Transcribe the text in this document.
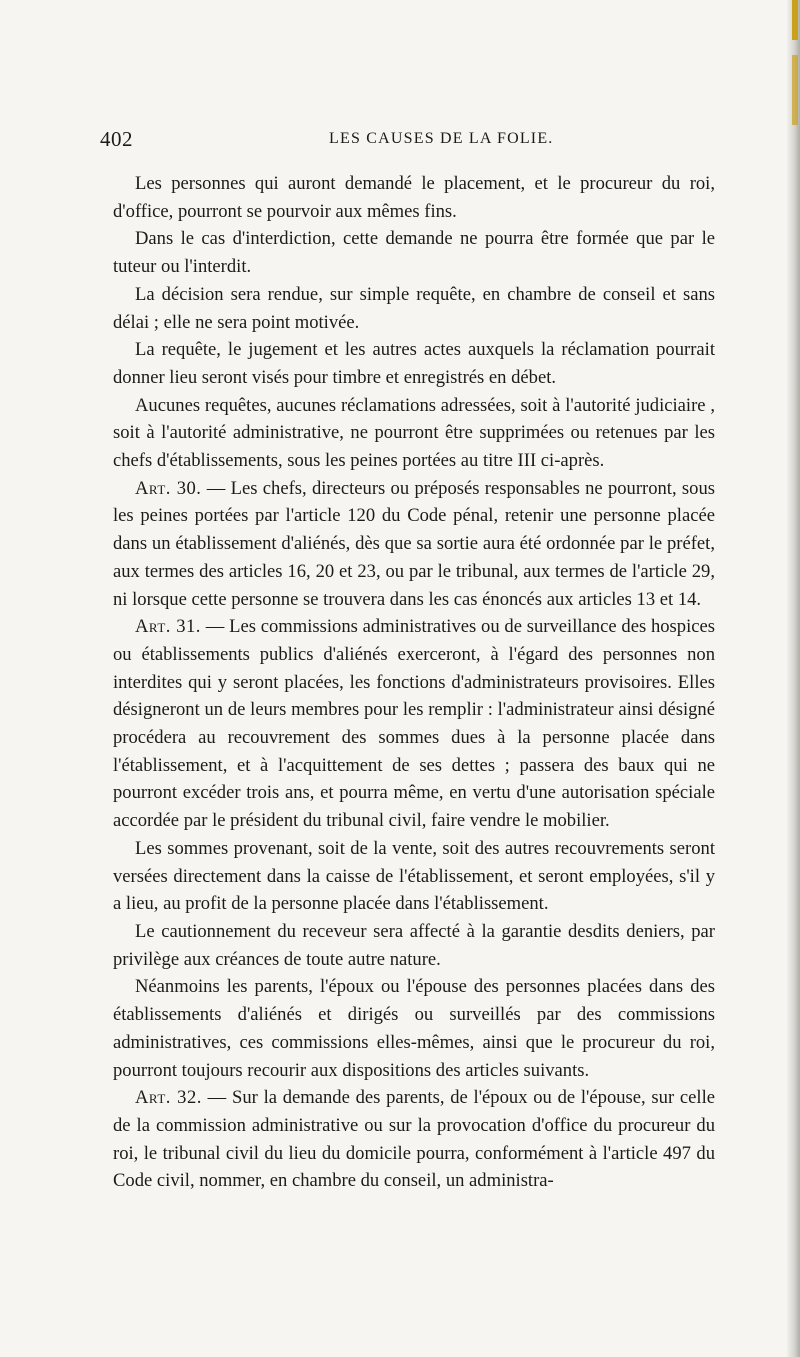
402	LES CAUSES DE LA FOLIE.

Les personnes qui auront demandé le placement, et le procureur du roi, d'office, pourront se pourvoir aux mêmes fins.

Dans le cas d'interdiction, cette demande ne pourra être formée que par le tuteur ou l'interdit.

La décision sera rendue, sur simple requête, en chambre de conseil et sans délai ; elle ne sera point motivée.

La requête, le jugement et les autres actes auxquels la réclamation pourrait donner lieu seront visés pour timbre et enregistrés en débet.

Aucunes requêtes, aucunes réclamations adressées, soit à l'autorité judiciaire , soit à l'autorité administrative, ne pourront être supprimées ou retenues par les chefs d'établissements, sous les peines portées au titre III ci-après.

Art. 30. — Les chefs, directeurs ou préposés responsables ne pourront, sous les peines portées par l'article 120 du Code pénal, retenir une personne placée dans un établissement d'aliénés, dès que sa sortie aura été ordonnée par le préfet, aux termes des articles 16, 20 et 23, ou par le tribunal, aux termes de l'article 29, ni lorsque cette personne se trouvera dans les cas énoncés aux articles 13 et 14.

Art. 31. — Les commissions administratives ou de surveillance des hospices ou établissements publics d'aliénés exerceront, à l'égard des personnes non interdites qui y seront placées, les fonctions d'administrateurs provisoires. Elles désigneront un de leurs membres pour les remplir : l'administrateur ainsi désigné procédera au recouvrement des sommes dues à la personne placée dans l'établissement, et à l'acquittement de ses dettes ; passera des baux qui ne pourront excéder trois ans, et pourra même, en vertu d'une autorisation spéciale accordée par le président du tribunal civil, faire vendre le mobilier.

Les sommes provenant, soit de la vente, soit des autres recouvrements seront versées directement dans la caisse de l'établissement, et seront employées, s'il y a lieu, au profit de la personne placée dans l'établissement.

Le cautionnement du receveur sera affecté à la garantie desdits deniers, par privilège aux créances de toute autre nature.

Néanmoins les parents, l'époux ou l'épouse des personnes placées dans des établissements d'aliénés et dirigés ou surveillés par des commissions administratives, ces commissions elles-mêmes, ainsi que le procureur du roi, pourront toujours recourir aux dispositions des articles suivants.

Art. 32. — Sur la demande des parents, de l'époux ou de l'épouse, sur celle de la commission administrative ou sur la provocation d'office du procureur du roi, le tribunal civil du lieu du domicile pourra, conformément à l'article 497 du Code civil, nommer, en chambre du conseil, un administra-
